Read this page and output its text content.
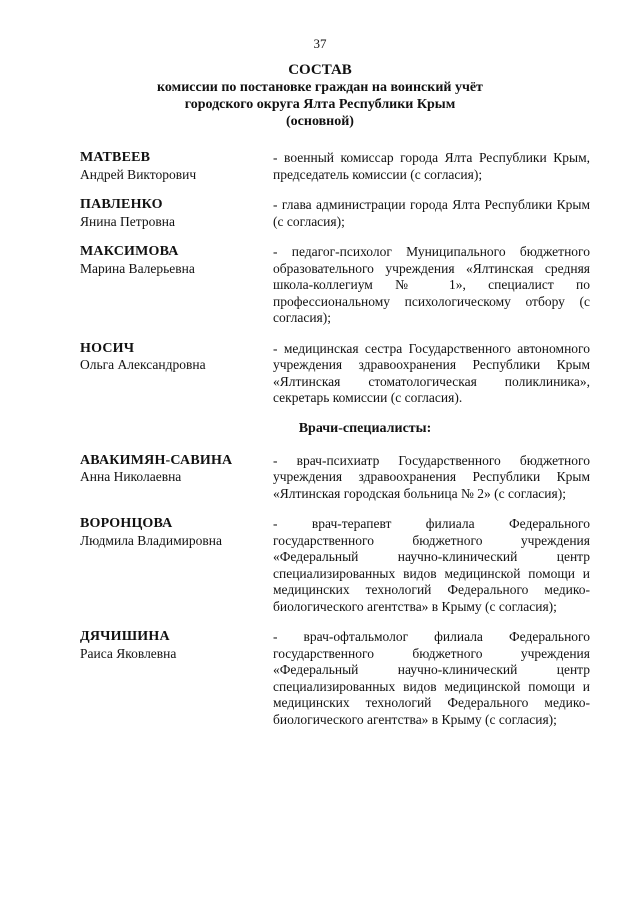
37
СОСТАВ
комиссии по постановке граждан на воинский учёт
городского округа Ялта Республики Крым
(основной)
МАТВЕЕВ
Андрей Викторович
- военный комиссар города Ялта Республики Крым, председатель комиссии (с согласия);
ПАВЛЕНКО
Янина Петровна
- глава администрации города Ялта Республики Крым (с согласия);
МАКСИМОВА
Марина Валерьевна
- педагог-психолог Муниципального бюджетного образовательного учреждения «Ялтинская средняя школа-коллегиум № 1», специалист по профессиональному психологическому отбору (с согласия);
НОСИЧ
Ольга Александровна
- медицинская сестра Государственного автономного учреждения здравоохранения Республики Крым «Ялтинская стоматологическая поликлиника», секретарь комиссии (с согласия).
Врачи-специалисты:
АВАКИМЯН-САВИНА
Анна Николаевна
- врач-психиатр Государственного бюджетного учреждения здравоохранения Республики Крым «Ялтинская городская больница № 2» (с согласия);
ВОРОНЦОВА
Людмила Владимировна
- врач-терапевт филиала Федерального государственного бюджетного учреждения «Федеральный научно-клинический центр специализированных видов медицинской помощи и медицинских технологий Федерального медико-биологического агентства» в Крыму (с согласия);
ДЯЧИШИНА
Раиса Яковлевна
- врач-офтальмолог филиала Федерального государственного бюджетного учреждения «Федеральный научно-клинический центр специализированных видов медицинской помощи и медицинских технологий Федерального медико-биологического агентства» в Крыму (с согласия);
